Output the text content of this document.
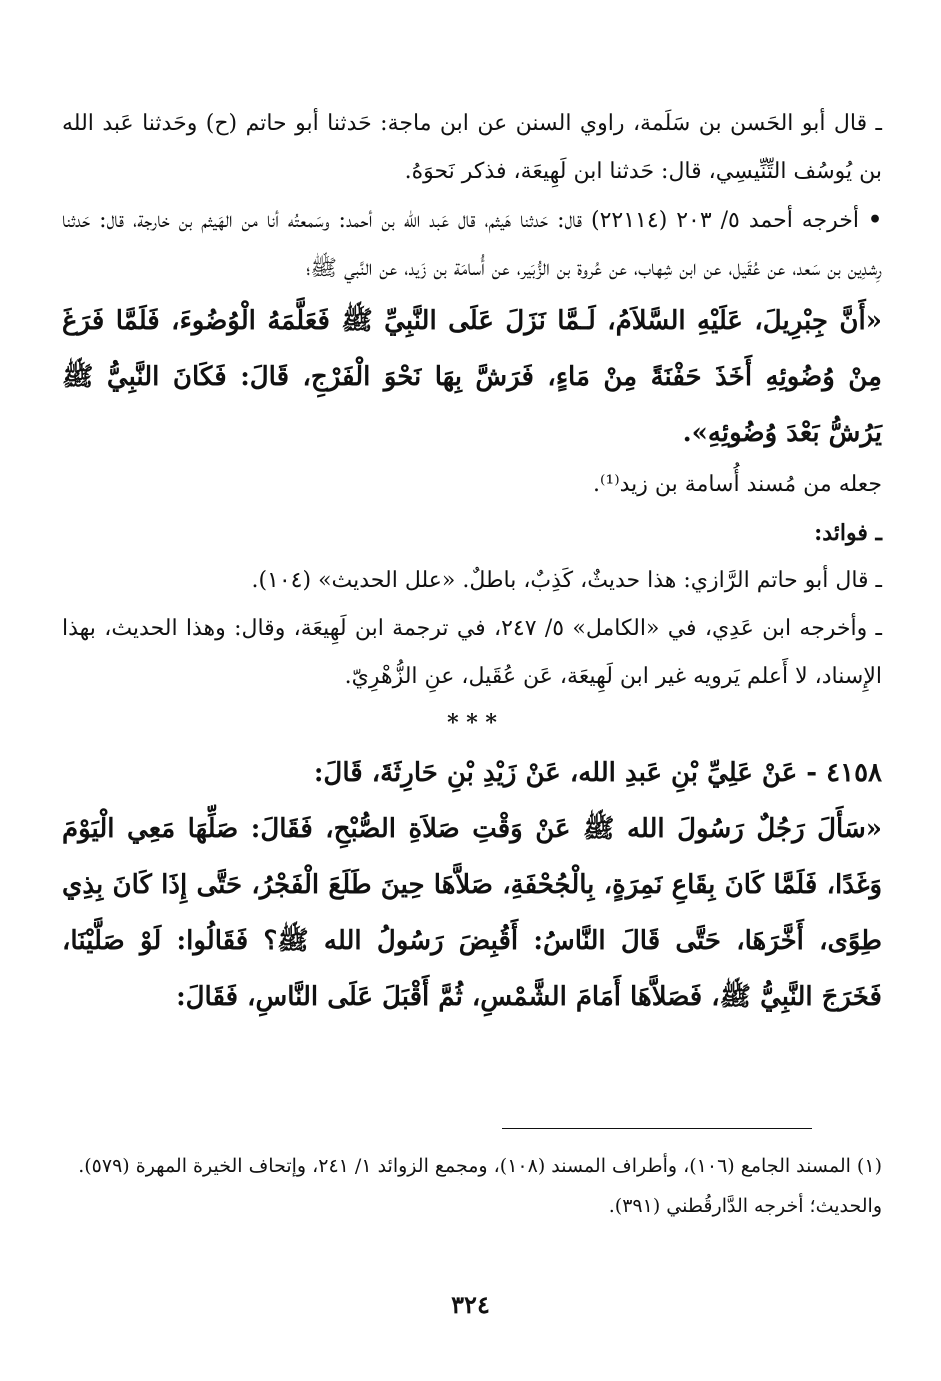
ـ قال أبو الحَسن بن سَلَمة، راوي السنن عن ابن ماجة: حَدثنا أبو حاتم (ح) وحَدثنا عَبد الله بن يُوسُف التِّنِّيسِي، قال: حَدثنا ابن لَهِيعَة، فذكر نَحوَهُ.

• أخرجه أحمد ٥/ ٢٠٣ (٢٢١١٤) قال: حَدثنا هَيثم، قال عَبد الله بن أحمد: وسَمعتُه أنا من الهَيثم بن خارجة، قال: حَدثنا رِشدِين بن سَعد، عن عُقَيل، عن ابن شِهاب، عن عُروة بن الزُّبَير، عن أُسامَة بن زَيد، عن النَّبي ﷺ؛

«أَنَّ جِبْرِيلَ، عَلَيْهِ السَّلاَمُ، لَـمَّا نَزَلَ عَلَى النَّبِيِّ ﷺ فَعَلَّمَهُ الْوُضُوءَ، فَلَمَّا فَرَغَ مِنْ وُضُوئِهِ أَخَذَ حَفْنَةً مِنْ مَاءٍ، فَرَشَّ بِهَا نَحْوَ الْفَرْجِ، قَالَ: فَكَانَ النَّبِيُّ ﷺ يَرُشُّ بَعْدَ وُضُوئِهِ».

جعله من مُسند أُسامة بن زيد⁽¹⁾.

ـ فوائد:

ـ قال أبو حاتم الرَّازي: هذا حديثٌ، كَذِبٌ، باطلٌ. «علل الحديث» (١٠٤).

ـ وأخرجه ابن عَدِي، في «الكامل» ٥/ ٢٤٧، في ترجمة ابن لَهِيعَة، وقال: وهذا الحديث، بهذا الإِسناد، لا أَعلم يَرويه غير ابن لَهِيعَة، عَن عُقَيل، عنِ الزُّهْرِيّ.

* * *

٤١٥٨ - عَنْ عَلِيِّ بْنِ عَبدِ الله، عَنْ زَيْدِ بْنِ حَارِثَةَ، قَالَ:

«سَأَلَ رَجُلٌ رَسُولَ الله ﷺ عَنْ وَقْتِ صَلاَةِ الصُّبْحِ، فَقَالَ: صَلِّهَا مَعِي الْيَوْمَ وَغَدًا، فَلَمَّا كَانَ بِقَاعِ نَمِرَةٍ، بِالْجُحْفَةِ، صَلاَّهَا حِينَ طَلَعَ الْفَجْرُ، حَتَّى إِذَا كَانَ بِذِي طِوًى، أَخَّرَهَا، حَتَّى قَالَ النَّاسُ: أَقُبِضَ رَسُولُ الله ﷺ؟ فَقَالُوا: لَوْ صَلَّيْنَا، فَخَرَجَ النَّبِيُّ ﷺ، فَصَلاَّهَا أَمَامَ الشَّمْسِ، ثُمَّ أَقْبَلَ عَلَى النَّاسِ، فَقَالَ:

(١) المسند الجامع (١٠٦)، وأطراف المسند (١٠٨)، ومجمع الزوائد ١/ ٢٤١، وإتحاف الخيرة المهرة (٥٧٩).

والحديث؛ أخرجه الدَّارقُطني (٣٩١).

٣٢٤
